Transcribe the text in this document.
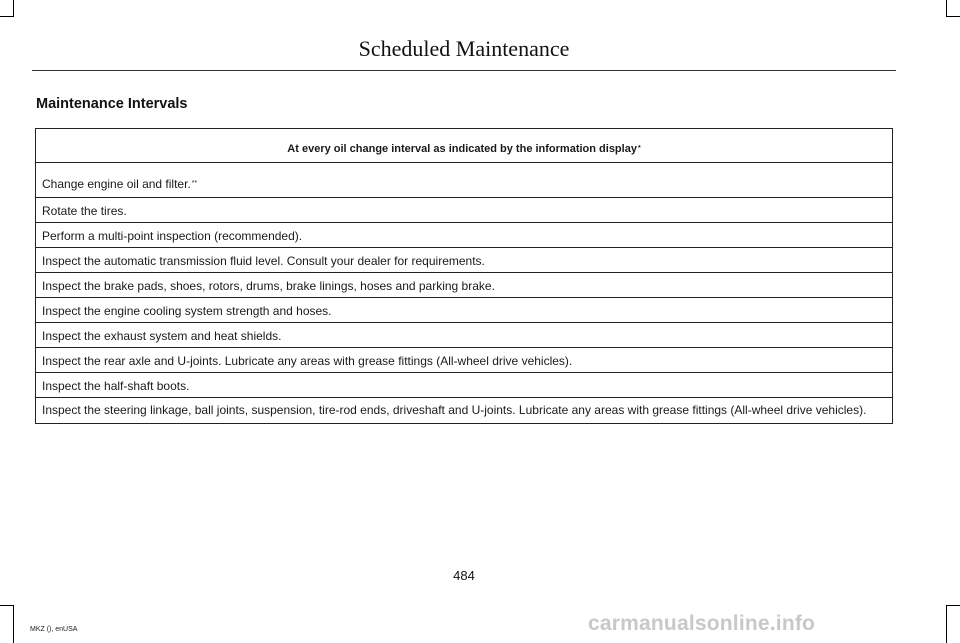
Scheduled Maintenance
Maintenance Intervals
At every oil change interval as indicated by the information display *
Change engine oil and filter. **
Rotate the tires.
Perform a multi-point inspection (recommended).
Inspect the automatic transmission fluid level. Consult your dealer for requirements.
Inspect the brake pads, shoes, rotors, drums, brake linings, hoses and parking brake.
Inspect the engine cooling system strength and hoses.
Inspect the exhaust system and heat shields.
Inspect the rear axle and U-joints. Lubricate any areas with grease fittings (All-wheel drive vehicles).
Inspect the half-shaft boots.
Inspect the steering linkage, ball joints, suspension, tire-rod ends, driveshaft and U-joints. Lubricate any areas with grease fittings (All-wheel drive vehicles).
484
MKZ (), enUSA	carmanualsonline.info
